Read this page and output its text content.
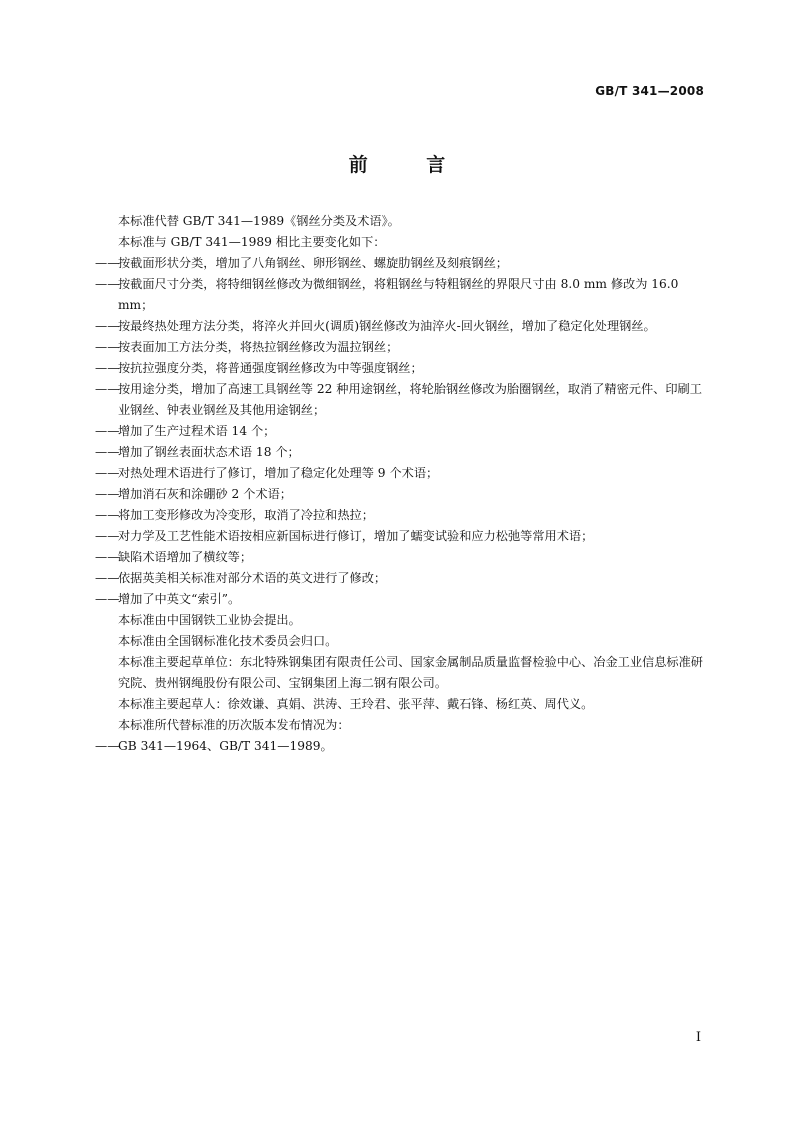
GB/T 341—2008
前 言

本标准代替 GB/T 341—1989《钢丝分类及术语》。

本标准与 GB/T 341—1989 相比主要变化如下：

——按截面形状分类，增加了八角钢丝、卵形钢丝、螺旋肋钢丝及刻痕钢丝；
——按截面尺寸分类，将特细钢丝修改为微细钢丝，将粗钢丝与特粗钢丝的界限尺寸由 8.0 mm 修改为 16.0 mm；
——按最终热处理方法分类，将淬火并回火(调质)钢丝修改为油淬火-回火钢丝，增加了稳定化处理钢丝。
——按表面加工方法分类，将热拉钢丝修改为温拉钢丝；
——按抗拉强度分类，将普通强度钢丝修改为中等强度钢丝；
——按用途分类，增加了高速工具钢丝等 22 种用途钢丝，将轮胎钢丝修改为胎圈钢丝，取消了精密元件、印刷工业钢丝、钟表业钢丝及其他用途钢丝；
——增加了生产过程术语 14 个；
——增加了钢丝表面状态术语 18 个；
——对热处理术语进行了修订，增加了稳定化处理等 9 个术语；
——增加消石灰和涂硼砂 2 个术语；
——将加工变形修改为冷变形，取消了冷拉和热拉；
——对力学及工艺性能术语按相应新国标进行修订，增加了蠕变试验和应力松弛等常用术语；
——缺陷术语增加了横纹等；
——依据英美相关标准对部分术语的英文进行了修改；
——增加了中英文“索引”。

本标准由中国钢铁工业协会提出。

本标准由全国钢标准化技术委员会归口。

本标准主要起草单位：东北特殊钢集团有限责任公司、国家金属制品质量监督检验中心、冶金工业信息标准研究院、贵州钢绳股份有限公司、宝钢集团上海二钢有限公司。

本标准主要起草人：徐效谦、真娟、洪涛、王玲君、张平萍、戴石锋、杨红英、周代义。

本标准所代替标准的历次版本发布情况为：

——GB 341—1964、GB/T 341—1989。
I
